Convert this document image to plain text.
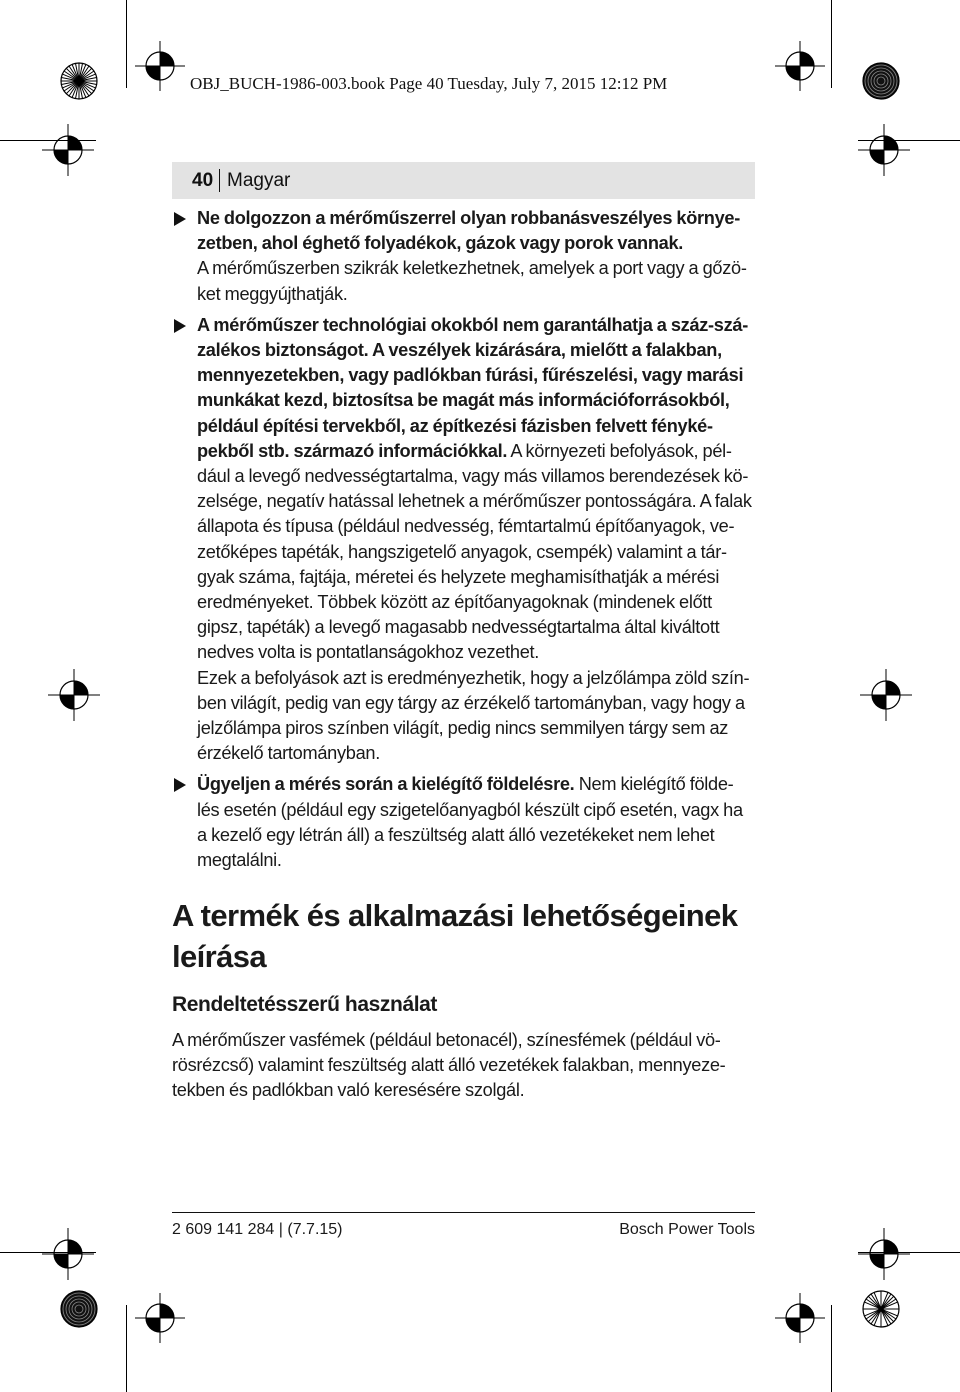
OBJ_BUCH-1986-003.book Page 40 Tuesday, July 7, 2015 12:12 PM
40 Magyar
Ne dolgozzon a mérőműszerrel olyan robbanásveszélyes környe-
zetben, ahol éghető folyadékok, gázok vagy porok vannak.
A mérőműszerben szikrák keletkezhetnek, amelyek a port vagy a gőzö-
ket meggyújthatják.
A mérőműszer technológiai okokból nem garantálhatja a száz-szá-
zalékos biztonságot. A veszélyek kizárására, mielőtt a falakban,
mennyezetekben, vagy padlókban fúrási, fűrészelési, vagy marási
munkákat kezd, biztosítsa be magát más információforrásokból,
például építési tervekből, az építkezési fázisben felvett fényké-
pekből stb. származó információkkal. A környezeti befolyások, pél-
dául a levegő nedvességtartalma, vagy más villamos berendezések kö-
zelsége, negatív hatással lehetnek a mérőműszer pontosságára. A falak
állapota és típusa (például nedvesség, fémtartalmú építőanyagok, ve-
zetőképes tapéták, hangszigetelő anyagok, csempék) valamint a tár-
gyak száma, fajtája, méretei és helyzete meghamisíthatják a mérési
eredményeket. Többek között az építőanyagoknak (mindenek előtt
gipsz, tapéták) a levegő magasabb nedvességtartalma által kiváltott
nedves volta is pontatlanságokhoz vezethet.
Ezek a befolyások azt is eredményezhetik, hogy a jelzőlámpa zöld szín-
ben világít, pedig van egy tárgy az érzékelő tartományban, vagy hogy a
jelzőlámpa piros színben világít, pedig nincs semmilyen tárgy sem az
érzékelő tartományban.
Ügyeljen a mérés során a kielégítő földelésre. Nem kielégítő földe-
lés esetén (például egy szigetelőanyagból készült cipő esetén, vagx ha
a kezelő egy létrán áll) a feszültség alatt álló vezetékeket nem lehet
megtalálni.
A termék és alkalmazási lehetőségeinek
leírása
Rendeltetésszerű használat
A mérőműszer vasfémek (például betonacél), színesfémek (például vö-
rösrézcső) valamint feszültség alatt álló vezetékek falakban, mennyeze-
tekben és padlókban való keresésére szolgál.
2 609 141 284 | (7.7.15)	Bosch Power Tools
